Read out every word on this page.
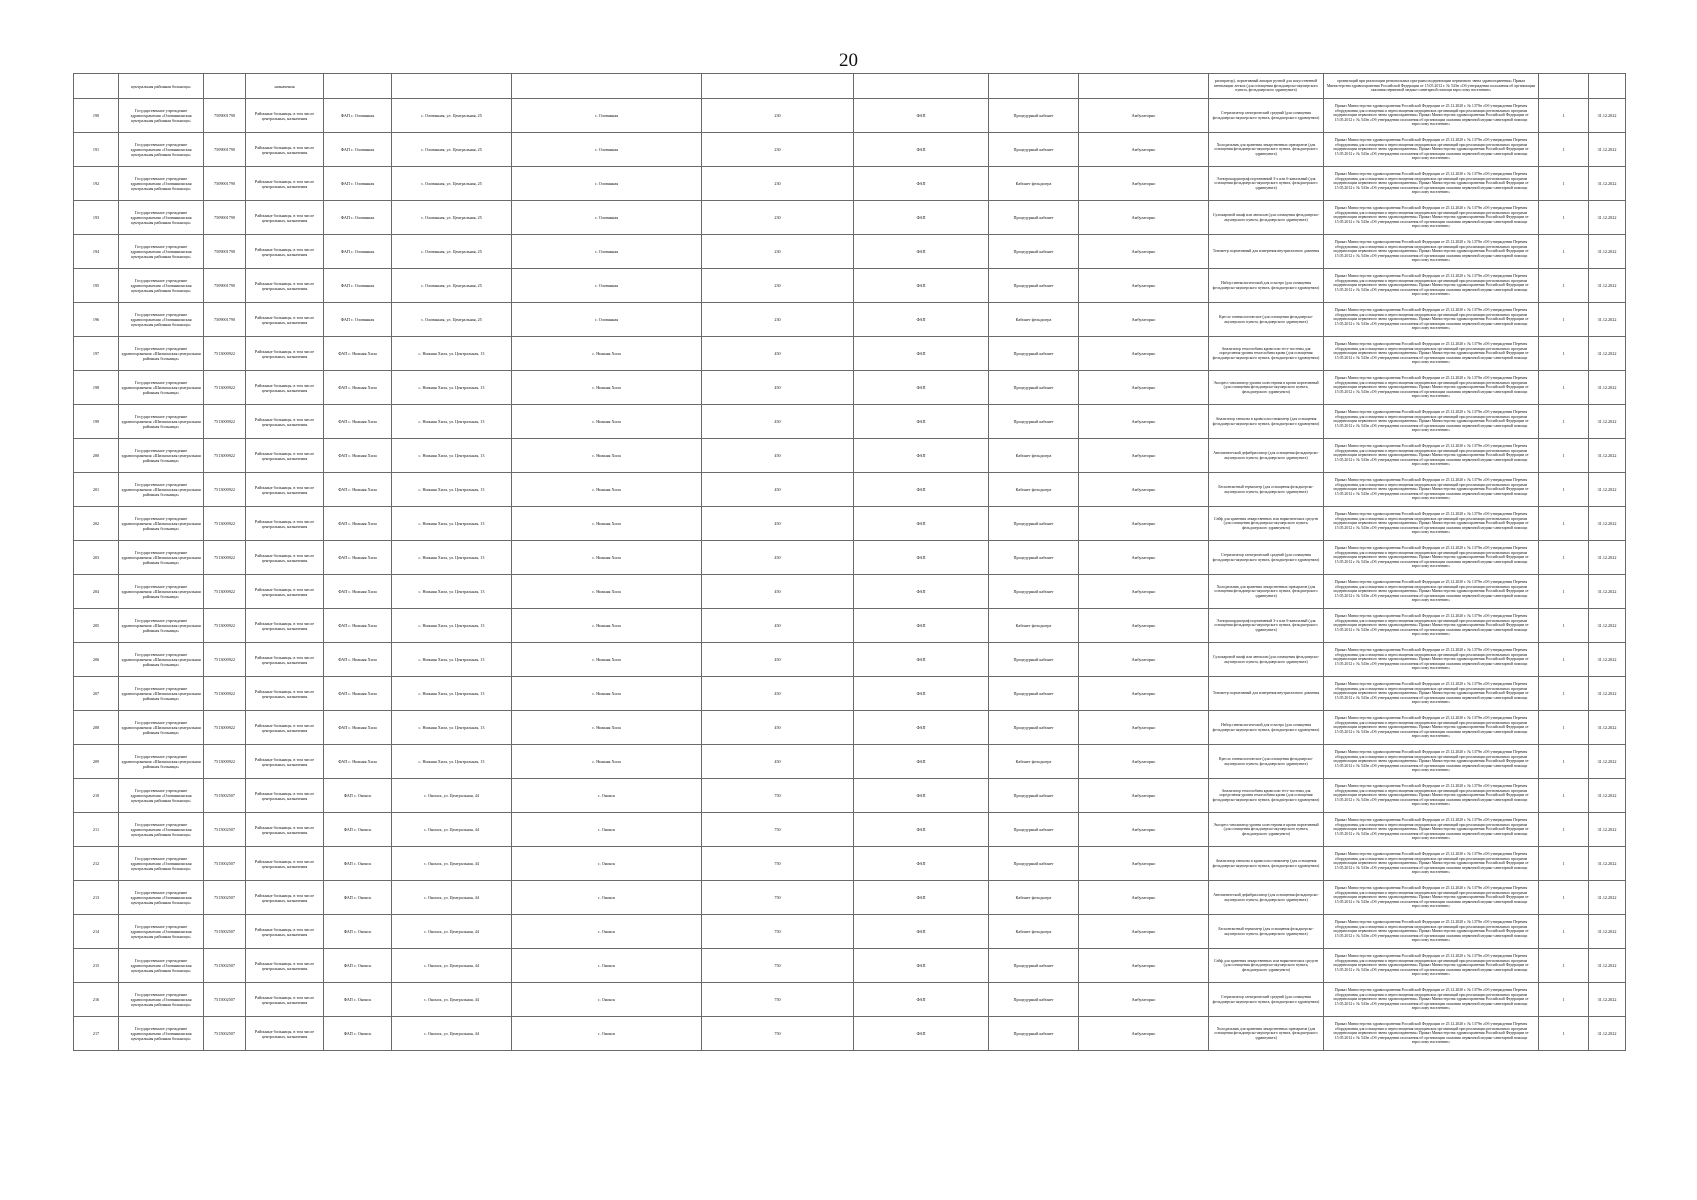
20
	центральная районная больница»		назначения								распиратор), портативный аппарат ручной для искусственной вентиляции легких (для оснащения фельдшерско-акушерского пункта, фельдшерского здравпункта)	организаций при реализации региональных программ модернизации первичного звена здравоохранения» Приказ Министерства здравоохранения Российской Федерации от 15.05.2012 г. № 543н «Об утверждении положения об организации оказания первичной медико-санитарной помощи взрослому населению»		
190	Государственное учреждение здравоохранения «Оловяннинская центральная районная больница»	7509001790	Районные больницы, в том числе центральных, назначения	ФАП с. Оловянная	с. Оловянная, ул. Центральная, 25	с. Оловянная	230	ФАП	Процедурный кабинет	Амбулаторно	Стерилизатор электрический средний (для оснащения фельдшерско-акушерского пункта, фельдшерского здравпункта)	Приказ Министерства здравоохранения Российской Федерации от 25.12.2020 г. № 1379н «Об утверждении Перечня оборудования для оснащения и переоснащения медицинских организаций при реализации региональных программ модернизации первичного звена здравоохранения» Приказ Министерства здравоохранения Российской Федерации от 15.05.2012 г. № 543н «Об утверждении положения об организации оказания первичной медико-санитарной помощи взрослому населению»	1	31.12.2022
191	Государственное учреждение здравоохранения «Оловяннинская центральная районная больница»	7509001790	Районные больницы, в том числе центральных, назначения	ФАП с. Оловянная	с. Оловянная, ул. Центральная, 25	с. Оловянная	230	ФАП	Процедурный кабинет	Амбулаторно	Холодильник для хранения лекарственных препаратов (для оснащения фельдшерско-акушерского пункта, фельдшерского здравпункта)	Приказ Министерства здравоохранения Российской Федерации от 25.12.2020 г. № 1379н «Об утверждении Перечня оборудования для оснащения и переоснащения медицинских организаций при реализации региональных программ модернизации первичного звена здравоохранения» Приказ Министерства здравоохранения Российской Федерации от 15.05.2012 г. № 543н «Об утверждении положения об организации оказания первичной медико-санитарной помощи взрослому населению»	1	31.12.2022
192	Государственное учреждение здравоохранения «Оловяннинская центральная районная больница»	7509001790	Районные больницы, в том числе центральных, назначения	ФАП с. Оловянная	с. Оловянная, ул. Центральная, 25	с. Оловянная	230	ФАП	Кабинет фельдшера	Амбулаторно	Электрокардиограф портативный 3-х или 6-канальный (для оснащения фельдшерско-акушерского пункта, фельдшерского здравпункта)	Приказ Министерства здравоохранения Российской Федерации от 25.12.2020 г. № 1379н «Об утверждении Перечня оборудования для оснащения и переоснащения медицинских организаций при реализации региональных программ модернизации первичного звена здравоохранения» Приказ Министерства здравоохранения Российской Федерации от 15.05.2012 г. № 543н «Об утверждении положения об организации оказания первичной медико-санитарной помощи взрослому населению»	1	31.12.2022
193	Государственное учреждение здравоохранения «Оловяннинская центральная районная больница»	7509001790	Районные больницы, в том числе центральных, назначения	ФАП с. Оловянная	с. Оловянная, ул. Центральная, 25	с. Оловянная	230	ФАП	Процедурный кабинет	Амбулаторно	Сухожаровой шкаф или автоклав (для оснащения фельдшерско-акушерского пункта, фельдшерского здравпункта)	Приказ Министерства здравоохранения Российской Федерации от 25.12.2020 г. № 1379н «Об утверждении Перечня оборудования для оснащения и переоснащения медицинских организаций при реализации региональных программ модернизации первичного звена здравоохранения» Приказ Министерства здравоохранения Российской Федерации от 15.05.2012 г. № 543н «Об утверждении положения об организации оказания первичной медико-санитарной помощи взрослому населению»	1	31.12.2022
194	Государственное учреждение здравоохранения «Оловяннинская центральная районная больница»	7509001790	Районные больницы, в том числе центральных, назначения	ФАП с. Оловянная	с. Оловянная, ул. Центральная, 25	с. Оловянная	230	ФАП	Процедурный кабинет	Амбулаторно	Тонометр портативный для измерения внутриглазного давления	Приказ Министерства здравоохранения Российской Федерации от 25.12.2020 г. № 1379н «Об утверждении Перечня оборудования для оснащения и переоснащения медицинских организаций при реализации региональных программ модернизации первичного звена здравоохранения» Приказ Министерства здравоохранения Российской Федерации от 15.05.2012 г. № 543н «Об утверждении положения об организации оказания первичной медико-санитарной помощи взрослому населению»	1	31.12.2022
195	Государственное учреждение здравоохранения «Оловяннинская центральная районная больница»	7509001790	Районные больницы, в том числе центральных, назначения	ФАП с. Оловянная	с. Оловянная, ул. Центральная, 25	с. Оловянная	230	ФАП	Процедурный кабинет	Амбулаторно	Набор гинекологический для осмотра (для оснащения фельдшерско-акушерского пункта, фельдшерского здравпункта)	Приказ Министерства здравоохранения Российской Федерации от 25.12.2020 г. № 1379н «Об утверждении Перечня оборудования для оснащения и переоснащения медицинских организаций при реализации региональных программ модернизации первичного звена здравоохранения» Приказ Министерства здравоохранения Российской Федерации от 15.05.2012 г. № 543н «Об утверждении положения об организации оказания первичной медико-санитарной помощи взрослому населению»	1	31.12.2022
196	Государственное учреждение здравоохранения «Оловяннинская центральная районная больница»	7509001790	Районные больницы, в том числе центральных, назначения	ФАП с. Оловянная	с. Оловянная, ул. Центральная, 25	с. Оловянная	230	ФАП	Кабинет фельдшера	Амбулаторно	Кресло гинекологическое (для оснащения фельдшерско-акушерского пункта, фельдшерского здравпункта)	Приказ Министерства здравоохранения Российской Федерации от 25.12.2020 г. № 1379н «Об утверждении Перечня оборудования для оснащения и переоснащения медицинских организаций при реализации региональных программ модернизации первичного звена здравоохранения» Приказ Министерства здравоохранения Российской Федерации от 15.05.2012 г. № 543н «Об утверждении положения об организации оказания первичной медико-санитарной помощи взрослому населению»	1	31.12.2022
197	Государственное учреждение здравоохранения «Шилкинская центральная районная больница»	7513000922	Районные больницы, в том числе центральных, назначения	ФАП с. Нижняя Хила	с. Нижняя Хила, ул. Центральная, 13	с. Нижняя Хила	450	ФАП	Процедурный кабинет	Амбулаторно	Анализатор гемоглобина крови или тест-системы для определения уровня гемоглобина крови (для оснащения фельдшерско-акушерского пункта, фельдшерского здравпункта)	Приказ Министерства здравоохранения Российской Федерации от 25.12.2020 г. № 1379н «Об утверждении Перечня оборудования для оснащения и переоснащения медицинских организаций при реализации региональных программ модернизации первичного звена здравоохранения» Приказ Министерства здравоохранения Российской Федерации от 15.05.2012 г. № 543н «Об утверждении положения об организации оказания первичной медико-санитарной помощи взрослому населению»	1	31.12.2022
198	Государственное учреждение здравоохранения «Шилкинская центральная районная больница»	7513000922	Районные больницы, в том числе центральных, назначения	ФАП с. Нижняя Хила	с. Нижняя Хила, ул. Центральная, 13	с. Нижняя Хила	450	ФАП	Процедурный кабинет	Амбулаторно	Экспресс-анализатор уровня холестерина в крови портативный (для оснащения фельдшерско-акушерского пункта, фельдшерского здравпункта)	Приказ Министерства здравоохранения Российской Федерации от 25.12.2020 г. № 1379н «Об утверждении Перечня оборудования для оснащения и переоснащения медицинских организаций при реализации региональных программ модернизации первичного звена здравоохранения» Приказ Министерства здравоохранения Российской Федерации от 15.05.2012 г. № 543н «Об утверждении положения об организации оказания первичной медико-санитарной помощи взрослому населению»	1	31.12.2022
199	Государственное учреждение здравоохранения «Шилкинская центральная районная больница»	7513000922	Районные больницы, в том числе центральных, назначения	ФАП с. Нижняя Хила	с. Нижняя Хила, ул. Центральная, 13	с. Нижняя Хила	450	ФАП	Процедурный кабинет	Амбулаторно	Анализатор глюкозы в крови или глюкометр (для оснащения фельдшерско-акушерского пункта, фельдшерского здравпункта)	Приказ Министерства здравоохранения Российской Федерации от 25.12.2020 г. № 1379н «Об утверждении Перечня оборудования для оснащения и переоснащения медицинских организаций при реализации региональных программ модернизации первичного звена здравоохранения» Приказ Министерства здравоохранения Российской Федерации от 15.05.2012 г. № 543н «Об утверждении положения об организации оказания первичной медико-санитарной помощи взрослому населению»	1	31.12.2022
200	Государственное учреждение здравоохранения «Шилкинская центральная районная больница»	7513000922	Районные больницы, в том числе центральных, назначения	ФАП с. Нижняя Хила	с. Нижняя Хила, ул. Центральная, 13	с. Нижняя Хила	450	ФАП	Кабинет фельдшера	Амбулаторно	Автоматический дефибриллятор (для оснащения фельдшерско-акушерского пункта, фельдшерского здравпункта)	Приказ Министерства здравоохранения Российской Федерации от 25.12.2020 г. № 1379н «Об утверждении Перечня оборудования для оснащения и переоснащения медицинских организаций при реализации региональных программ модернизации первичного звена здравоохранения» Приказ Министерства здравоохранения Российской Федерации от 15.05.2012 г. № 543н «Об утверждении положения об организации оказания первичной медико-санитарной помощи взрослому населению»	1	31.12.2022
201	Государственное учреждение здравоохранения «Шилкинская центральная районная больница»	7513000922	Районные больницы, в том числе центральных, назначения	ФАП с. Нижняя Хила	с. Нижняя Хила, ул. Центральная, 13	с. Нижняя Хила	450	ФАП	Кабинет фельдшера	Амбулаторно	Бесконтактный термометр (для оснащения фельдшерско-акушерского пункта, фельдшерского здравпункта)	Приказ Министерства здравоохранения Российской Федерации от 25.12.2020 г. № 1379н «Об утверждении Перечня оборудования для оснащения и переоснащения медицинских организаций при реализации региональных программ модернизации первичного звена здравоохранения» Приказ Министерства здравоохранения Российской Федерации от 15.05.2012 г. № 543н «Об утверждении положения об организации оказания первичной медико-санитарной помощи взрослому населению»	1	31.12.2022
202	Государственное учреждение здравоохранения «Шилкинская центральная районная больница»	7513000922	Районные больницы, в том числе центральных, назначения	ФАП с. Нижняя Хила	с. Нижняя Хила, ул. Центральная, 13	с. Нижняя Хила	450	ФАП	Процедурный кабинет	Амбулаторно	Сейф для хранения лекарственных или наркотических средств (для оснащения фельдшерско-акушерского пункта, фельдшерского здравпункта)	Приказ Министерства здравоохранения Российской Федерации от 25.12.2020 г. № 1379н «Об утверждении Перечня оборудования для оснащения и переоснащения медицинских организаций при реализации региональных программ модернизации первичного звена здравоохранения» Приказ Министерства здравоохранения Российской Федерации от 15.05.2012 г. № 543н «Об утверждении положения об организации оказания первичной медико-санитарной помощи взрослому населению»	1	31.12.2022
203	Государственное учреждение здравоохранения «Шилкинская центральная районная больница»	7513000922	Районные больницы, в том числе центральных, назначения	ФАП с. Нижняя Хила	с. Нижняя Хила, ул. Центральная, 13	с. Нижняя Хила	450	ФАП	Процедурный кабинет	Амбулаторно	Стерилизатор электрический средний (для оснащения фельдшерско-акушерского пункта, фельдшерского здравпункта)	Приказ Министерства здравоохранения Российской Федерации от 25.12.2020 г. № 1379н «Об утверждении Перечня оборудования для оснащения и переоснащения медицинских организаций при реализации региональных программ модернизации первичного звена здравоохранения» Приказ Министерства здравоохранения Российской Федерации от 15.05.2012 г. № 543н «Об утверждении положения об организации оказания первичной медико-санитарной помощи взрослому населению»	1	31.12.2022
204	Государственное учреждение здравоохранения «Шилкинская центральная районная больница»	7513000922	Районные больницы, в том числе центральных, назначения	ФАП с. Нижняя Хила	с. Нижняя Хила, ул. Центральная, 13	с. Нижняя Хила	450	ФАП	Процедурный кабинет	Амбулаторно	Холодильник для хранения лекарственных препаратов (для оснащения фельдшерско-акушерского пункта, фельдшерского здравпункта)	Приказ Министерства здравоохранения Российской Федерации от 25.12.2020 г. № 1379н «Об утверждении Перечня оборудования для оснащения и переоснащения медицинских организаций при реализации региональных программ модернизации первичного звена здравоохранения» Приказ Министерства здравоохранения Российской Федерации от 15.05.2012 г. № 543н «Об утверждении положения об организации оказания первичной медико-санитарной помощи взрослому населению»	1	31.12.2022
205	Государственное учреждение здравоохранения «Шилкинская центральная районная больница»	7513000922	Районные больницы, в том числе центральных, назначения	ФАП с. Нижняя Хила	с. Нижняя Хила, ул. Центральная, 13	с. Нижняя Хила	450	ФАП	Кабинет фельдшера	Амбулаторно	Электрокардиограф портативный 3-х или 6-канальный (для оснащения фельдшерско-акушерского пункта, фельдшерского здравпункта)	Приказ Министерства здравоохранения Российской Федерации от 25.12.2020 г. № 1379н «Об утверждении Перечня оборудования для оснащения и переоснащения медицинских организаций при реализации региональных программ модернизации первичного звена здравоохранения» Приказ Министерства здравоохранения Российской Федерации от 15.05.2012 г. № 543н «Об утверждении положения об организации оказания первичной медико-санитарной помощи взрослому населению»	1	31.12.2022
206	Государственное учреждение здравоохранения «Шилкинская центральная районная больница»	7513000922	Районные больницы, в том числе центральных, назначения	ФАП с. Нижняя Хила	с. Нижняя Хила, ул. Центральная, 13	с. Нижняя Хила	450	ФАП	Процедурный кабинет	Амбулаторно	Сухожаровой шкаф или автоклав (для оснащения фельдшерско-акушерского пункта, фельдшерского здравпункта)	Приказ Министерства здравоохранения Российской Федерации от 25.12.2020 г. № 1379н «Об утверждении Перечня оборудования для оснащения и переоснащения медицинских организаций при реализации региональных программ модернизации первичного звена здравоохранения» Приказ Министерства здравоохранения Российской Федерации от 15.05.2012 г. № 543н «Об утверждении положения об организации оказания первичной медико-санитарной помощи взрослому населению»	1	31.12.2022
207	Государственное учреждение здравоохранения «Шилкинская центральная районная больница»	7513000922	Районные больницы, в том числе центральных, назначения	ФАП с. Нижняя Хила	с. Нижняя Хила, ул. Центральная, 13	с. Нижняя Хила	450	ФАП	Процедурный кабинет	Амбулаторно	Тонометр портативный для измерения внутриглазного давления	Приказ Министерства здравоохранения Российской Федерации от 25.12.2020 г. № 1379н «Об утверждении Перечня оборудования для оснащения и переоснащения медицинских организаций при реализации региональных программ модернизации первичного звена здравоохранения» Приказ Министерства здравоохранения Российской Федерации от 15.05.2012 г. № 543н «Об утверждении положения об организации оказания первичной медико-санитарной помощи взрослому населению»	1	31.12.2022
208	Государственное учреждение здравоохранения «Шилкинская центральная районная больница»	7513000922	Районные больницы, в том числе центральных, назначения	ФАП с. Нижняя Хила	с. Нижняя Хила, ул. Центральная, 13	с. Нижняя Хила	450	ФАП	Процедурный кабинет	Амбулаторно	Набор гинекологический для осмотра (для оснащения фельдшерско-акушерского пункта, фельдшерского здравпункта)	Приказ Министерства здравоохранения Российской Федерации от 25.12.2020 г. № 1379н «Об утверждении Перечня оборудования для оснащения и переоснащения медицинских организаций при реализации региональных программ модернизации первичного звена здравоохранения» Приказ Министерства здравоохранения Российской Федерации от 15.05.2012 г. № 543н «Об утверждении положения об организации оказания первичной медико-санитарной помощи взрослому населению»	1	31.12.2022
209	Государственное учреждение здравоохранения «Шилкинская центральная районная больница»	7513000922	Районные больницы, в том числе центральных, назначения	ФАП с. Нижняя Хила	с. Нижняя Хила, ул. Центральная, 13	с. Нижняя Хила	450	ФАП	Кабинет фельдшера	Амбулаторно	Кресло гинекологическое (для оснащения фельдшерско-акушерского пункта, фельдшерского здравпункта)	Приказ Министерства здравоохранения Российской Федерации от 25.12.2020 г. № 1379н «Об утверждении Перечня оборудования для оснащения и переоснащения медицинских организаций при реализации региональных программ модернизации первичного звена здравоохранения» Приказ Министерства здравоохранения Российской Федерации от 15.05.2012 г. № 543н «Об утверждении положения об организации оказания первичной медико-санитарной помощи взрослому населению»	1	31.12.2022
210	Государственное учреждение здравоохранения «Оловяннинская центральная районная больница»	7515002507	Районные больницы, в том числе центральных, назначения	ФАП с. Ононск	с. Ононск, ул. Центральная, 44	с. Ононск	750	ФАП	Процедурный кабинет	Амбулаторно	Анализатор гемоглобина крови или тест-системы для определения уровня гемоглобина крови (для оснащения фельдшерско-акушерского пункта, фельдшерского здравпункта)	Приказ Министерства здравоохранения Российской Федерации от 25.12.2020 г. № 1379н «Об утверждении Перечня оборудования для оснащения и переоснащения медицинских организаций при реализации региональных программ модернизации первичного звена здравоохранения» Приказ Министерства здравоохранения Российской Федерации от 15.05.2012 г. № 543н «Об утверждении положения об организации оказания первичной медико-санитарной помощи взрослому населению»	1	31.12.2022
211	Государственное учреждение здравоохранения «Оловяннинская центральная районная больница»	7515002507	Районные больницы, в том числе центральных, назначения	ФАП с. Ононск	с. Ононск, ул. Центральная, 44	с. Ононск	750	ФАП	Процедурный кабинет	Амбулаторно	Экспресс-анализатор уровня холестерина в крови портативный (для оснащения фельдшерско-акушерского пункта, фельдшерского здравпункта)	Приказ Министерства здравоохранения Российской Федерации от 25.12.2020 г. № 1379н «Об утверждении Перечня оборудования для оснащения и переоснащения медицинских организаций при реализации региональных программ модернизации первичного звена здравоохранения» Приказ Министерства здравоохранения Российской Федерации от 15.05.2012 г. № 543н «Об утверждении положения об организации оказания первичной медико-санитарной помощи взрослому населению»	1	31.12.2022
212	Государственное учреждение здравоохранения «Оловяннинская центральная районная больница»	7515002507	Районные больницы, в том числе центральных, назначения	ФАП с. Ононск	с. Ононск, ул. Центральная, 44	с. Ононск	750	ФАП	Процедурный кабинет	Амбулаторно	Анализатор глюкозы в крови или глюкометр (для оснащения фельдшерско-акушерского пункта, фельдшерского здравпункта)	Приказ Министерства здравоохранения Российской Федерации от 25.12.2020 г. № 1379н «Об утверждении Перечня оборудования для оснащения и переоснащения медицинских организаций при реализации региональных программ модернизации первичного звена здравоохранения» Приказ Министерства здравоохранения Российской Федерации от 15.05.2012 г. № 543н «Об утверждении положения об организации оказания первичной медико-санитарной помощи взрослому населению»	1	31.12.2022
213	Государственное учреждение здравоохранения «Оловяннинская центральная районная больница»	7515002507	Районные больницы, в том числе центральных, назначения	ФАП с. Ононск	с. Ононск, ул. Центральная, 44	с. Ононск	750	ФАП	Кабинет фельдшера	Амбулаторно	Автоматический дефибриллятор (для оснащения фельдшерско-акушерского пункта, фельдшерского здравпункта)	Приказ Министерства здравоохранения Российской Федерации от 25.12.2020 г. № 1379н «Об утверждении Перечня оборудования для оснащения и переоснащения медицинских организаций при реализации региональных программ модернизации первичного звена здравоохранения» Приказ Министерства здравоохранения Российской Федерации от 15.05.2012 г. № 543н «Об утверждении положения об организации оказания первичной медико-санитарной помощи взрослому населению»	1	31.12.2022
214	Государственное учреждение здравоохранения «Оловяннинская центральная районная больница»	7515002507	Районные больницы, в том числе центральных, назначения	ФАП с. Ононск	с. Ононск, ул. Центральная, 44	с. Ононск	750	ФАП	Кабинет фельдшера	Амбулаторно	Бесконтактный термометр (для оснащения фельдшерско-акушерского пункта, фельдшерского здравпункта)	Приказ Министерства здравоохранения Российской Федерации от 25.12.2020 г. № 1379н «Об утверждении Перечня оборудования для оснащения и переоснащения медицинских организаций при реализации региональных программ модернизации первичного звена здравоохранения» Приказ Министерства здравоохранения Российской Федерации от 15.05.2012 г. № 543н «Об утверждении положения об организации оказания первичной медико-санитарной помощи взрослому населению»	1	31.12.2022
215	Государственное учреждение здравоохранения «Оловяннинская центральная районная больница»	7515002507	Районные больницы, в том числе центральных, назначения	ФАП с. Ононск	с. Ононск, ул. Центральная, 44	с. Ононск	750	ФАП	Процедурный кабинет	Амбулаторно	Сейф для хранения лекарственных или наркотических средств (для оснащения фельдшерско-акушерского пункта, фельдшерского здравпункта)	Приказ Министерства здравоохранения Российской Федерации от 25.12.2020 г. № 1379н «Об утверждении Перечня оборудования для оснащения и переоснащения медицинских организаций при реализации региональных программ модернизации первичного звена здравоохранения» Приказ Министерства здравоохранения Российской Федерации от 15.05.2012 г. № 543н «Об утверждении положения об организации оказания первичной медико-санитарной помощи взрослому населению»	1	31.12.2022
216	Государственное учреждение здравоохранения «Оловяннинская центральная районная больница»	7515002507	Районные больницы, в том числе центральных, назначения	ФАП с. Ононск	с. Ононск, ул. Центральная, 44	с. Ононск	750	ФАП	Процедурный кабинет	Амбулаторно	Стерилизатор электрический средний (для оснащения фельдшерско-акушерского пункта, фельдшерского здравпункта)	Приказ Министерства здравоохранения Российской Федерации от 25.12.2020 г. № 1379н «Об утверждении Перечня оборудования для оснащения и переоснащения медицинских организаций при реализации региональных программ модернизации первичного звена здравоохранения» Приказ Министерства здравоохранения Российской Федерации от 15.05.2012 г. № 543н «Об утверждении положения об организации оказания первичной медико-санитарной помощи взрослому населению»	1	31.12.2022
217	Государственное учреждение здравоохранения «Оловяннинская центральная районная больница»	7515002507	Районные больницы, в том числе центральных, назначения	ФАП с. Ононск	с. Ононск, ул. Центральная, 44	с. Ононск	750	ФАП	Процедурный кабинет	Амбулаторно	Холодильник для хранения лекарственных препаратов (для оснащения фельдшерско-акушерского пункта, фельдшерского здравпункта)	Приказ Министерства здравоохранения Российской Федерации от 25.12.2020 г. № 1379н «Об утверждении Перечня оборудования для оснащения и переоснащения медицинских организаций при реализации региональных программ модернизации первичного звена здравоохранения» Приказ Министерства здравоохранения Российской Федерации от 15.05.2012 г. № 543н «Об утверждении положения об организации оказания первичной медико-санитарной помощи взрослому населению»	1	31.12.2022
